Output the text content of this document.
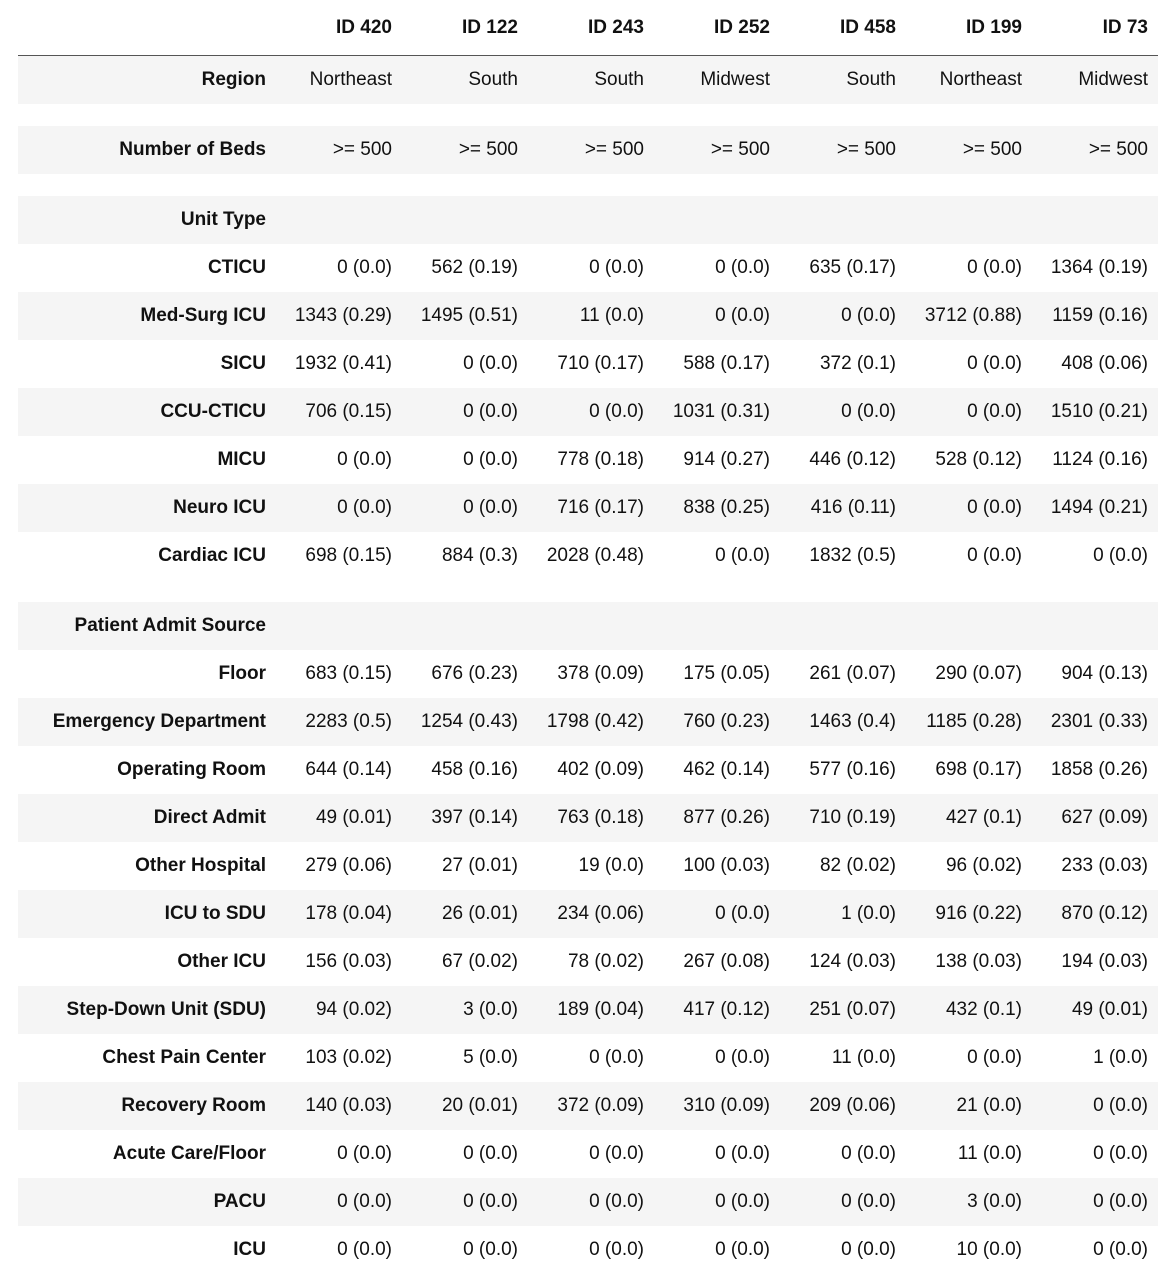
	ID 420	ID 122	ID 243	ID 252	ID 458	ID 199	ID 73
Region	Northeast	South	South	Midwest	South	Northeast	Midwest

Number of Beds	>= 500	>= 500	>= 500	>= 500	>= 500	>= 500	>= 500

Unit Type							
CTICU	0 (0.0)	562 (0.19)	0 (0.0)	0 (0.0)	635 (0.17)	0 (0.0)	1364 (0.19)
Med-Surg ICU	1343 (0.29)	1495 (0.51)	11 (0.0)	0 (0.0)	0 (0.0)	3712 (0.88)	1159 (0.16)
SICU	1932 (0.41)	0 (0.0)	710 (0.17)	588 (0.17)	372 (0.1)	0 (0.0)	408 (0.06)
CCU-CTICU	706 (0.15)	0 (0.0)	0 (0.0)	1031 (0.31)	0 (0.0)	0 (0.0)	1510 (0.21)
MICU	0 (0.0)	0 (0.0)	778 (0.18)	914 (0.27)	446 (0.12)	528 (0.12)	1124 (0.16)
Neuro ICU	0 (0.0)	0 (0.0)	716 (0.17)	838 (0.25)	416 (0.11)	0 (0.0)	1494 (0.21)
Cardiac ICU	698 (0.15)	884 (0.3)	2028 (0.48)	0 (0.0)	1832 (0.5)	0 (0.0)	0 (0.0)

Patient Admit Source							
Floor	683 (0.15)	676 (0.23)	378 (0.09)	175 (0.05)	261 (0.07)	290 (0.07)	904 (0.13)
Emergency Department	2283 (0.5)	1254 (0.43)	1798 (0.42)	760 (0.23)	1463 (0.4)	1185 (0.28)	2301 (0.33)
Operating Room	644 (0.14)	458 (0.16)	402 (0.09)	462 (0.14)	577 (0.16)	698 (0.17)	1858 (0.26)
Direct Admit	49 (0.01)	397 (0.14)	763 (0.18)	877 (0.26)	710 (0.19)	427 (0.1)	627 (0.09)
Other Hospital	279 (0.06)	27 (0.01)	19 (0.0)	100 (0.03)	82 (0.02)	96 (0.02)	233 (0.03)
ICU to SDU	178 (0.04)	26 (0.01)	234 (0.06)	0 (0.0)	1 (0.0)	916 (0.22)	870 (0.12)
Other ICU	156 (0.03)	67 (0.02)	78 (0.02)	267 (0.08)	124 (0.03)	138 (0.03)	194 (0.03)
Step-Down Unit (SDU)	94 (0.02)	3 (0.0)	189 (0.04)	417 (0.12)	251 (0.07)	432 (0.1)	49 (0.01)
Chest Pain Center	103 (0.02)	5 (0.0)	0 (0.0)	0 (0.0)	11 (0.0)	0 (0.0)	1 (0.0)
Recovery Room	140 (0.03)	20 (0.01)	372 (0.09)	310 (0.09)	209 (0.06)	21 (0.0)	0 (0.0)
Acute Care/Floor	0 (0.0)	0 (0.0)	0 (0.0)	0 (0.0)	0 (0.0)	11 (0.0)	0 (0.0)
PACU	0 (0.0)	0 (0.0)	0 (0.0)	0 (0.0)	0 (0.0)	3 (0.0)	0 (0.0)
ICU	0 (0.0)	0 (0.0)	0 (0.0)	0 (0.0)	0 (0.0)	10 (0.0)	0 (0.0)
